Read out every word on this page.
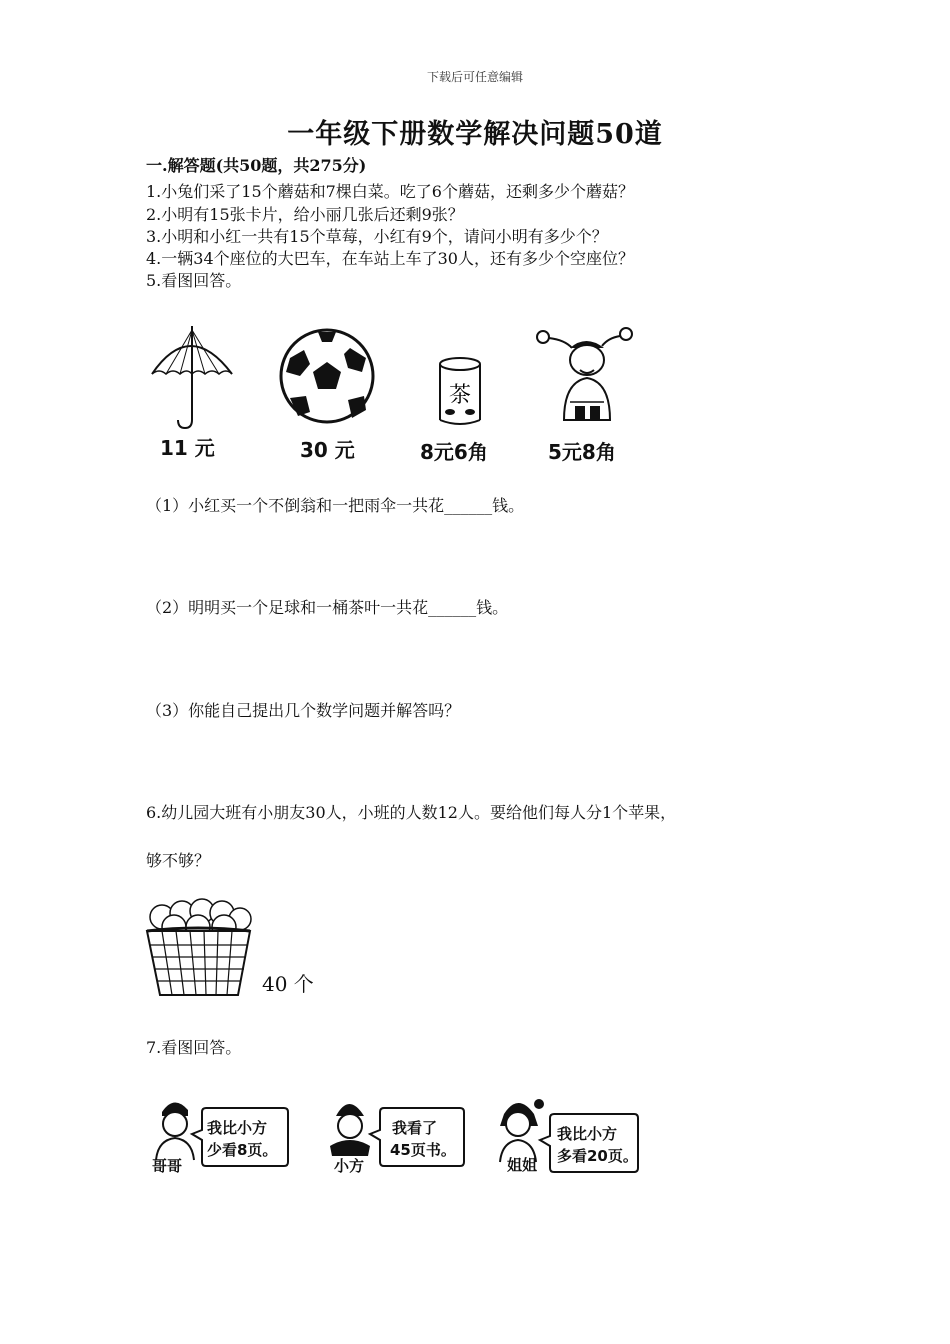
下载后可任意编辑
一年级下册数学解决问题50道
一.解答题(共50题，共275分)
1.小兔们采了15个蘑菇和7棵白菜。吃了6个蘑菇，还剩多少个蘑菇？
2.小明有15张卡片，给小丽几张后还剩9张？
3.小明和小红一共有15个草莓，小红有9个，请问小明有多少个？
4.一辆34个座位的大巴车，在车站上车了30人，还有多少个空座位？
5.看图回答。
茶
11 元	30 元	8元6角	5元8角
（1）小红买一个不倒翁和一把雨伞一共花______钱。
（2）明明买一个足球和一桶茶叶一共花______钱。
（3）你能自己提出几个数学问题并解答吗？
6.幼儿园大班有小朋友30人，小班的人数12人。要给他们每人分1个苹果，
够不够？
40 个
7.看图回答。
我比小方
少看8页。
哥哥
我看了
45页书。
小方
我比小方
多看20页。
姐姐
